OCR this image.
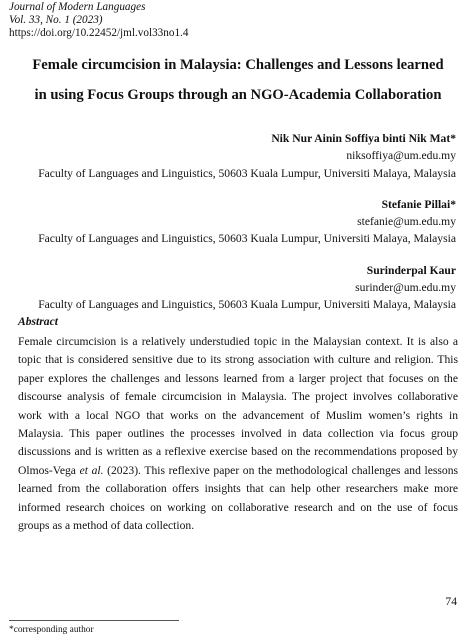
Journal of Modern Languages
Vol. 33, No. 1 (2023)
https://doi.org/10.22452/jml.vol33no1.4
Female circumcision in Malaysia: Challenges and Lessons learned
in using Focus Groups through an NGO-Academia Collaboration
Nik Nur Ainin Soffiya binti Nik Mat*
niksoffiya@um.edu.my
Faculty of Languages and Linguistics, 50603 Kuala Lumpur, Universiti Malaya, Malaysia
Stefanie Pillai*
stefanie@um.edu.my
Faculty of Languages and Linguistics, 50603 Kuala Lumpur, Universiti Malaya, Malaysia
Surinderpal Kaur
surinder@um.edu.my
Faculty of Languages and Linguistics, 50603 Kuala Lumpur, Universiti Malaya, Malaysia
Abstract

Female circumcision is a relatively understudied topic in the Malaysian context. It is also a topic that is considered sensitive due to its strong association with culture and religion. This paper explores the challenges and lessons learned from a larger project that focuses on the discourse analysis of female circumcision in Malaysia. The project involves collaborative work with a local NGO that works on the advancement of Muslim women’s rights in Malaysia. This paper outlines the processes involved in data collection via focus group discussions and is written as a reflexive exercise based on the recommendations proposed by Olmos-Vega et al. (2023). This reflexive paper on the methodological challenges and lessons learned from the collaboration offers insights that can help other researchers make more informed research choices on working on collaborative research and on the use of focus groups as a method of data collection.

74
*corresponding author
